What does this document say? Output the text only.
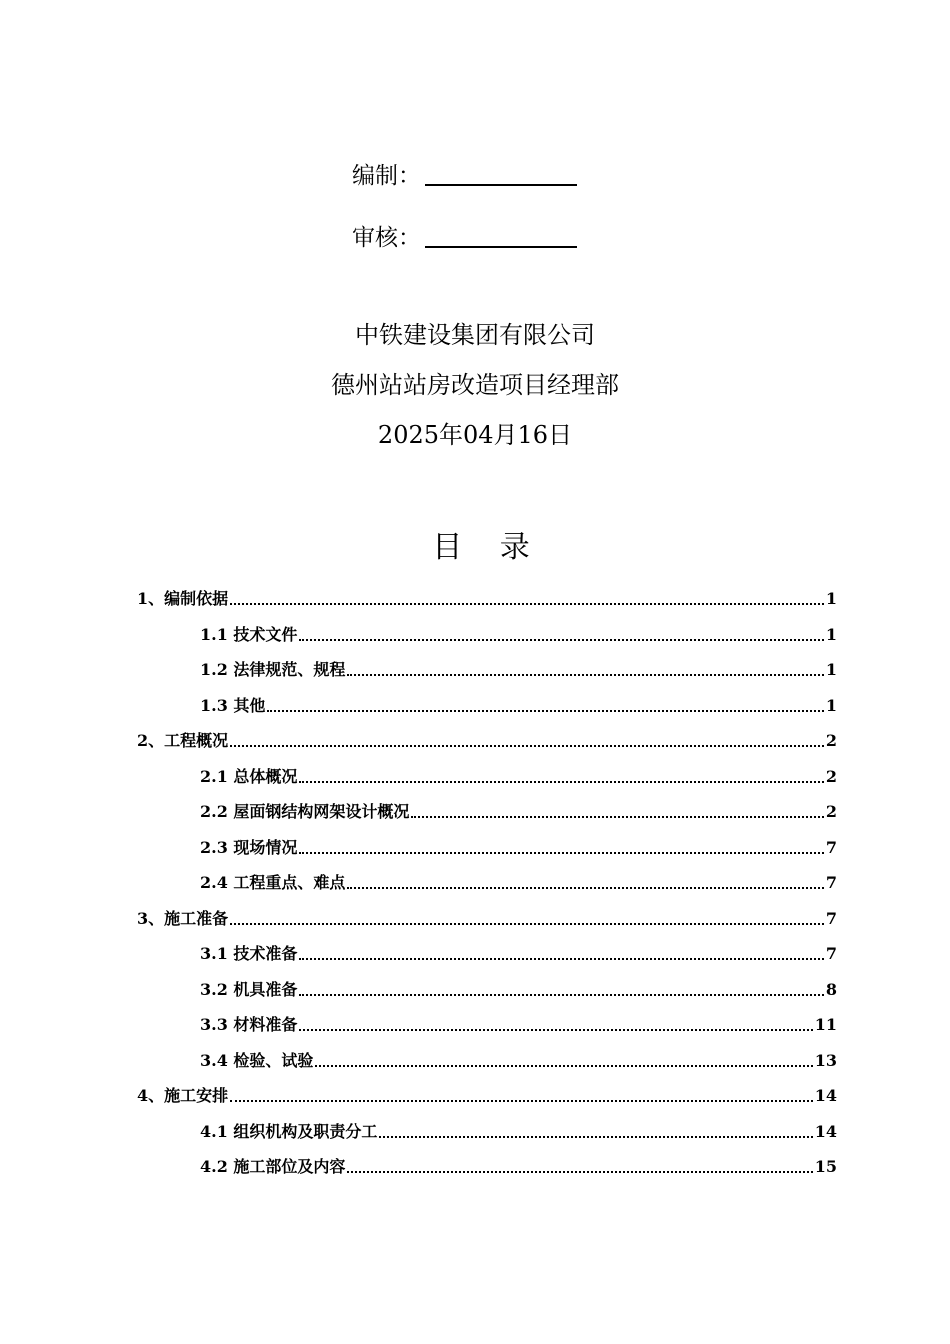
编制：
审核：
中铁建设集团有限公司
德州站站房改造项目经理部
2025年04月16日
目 录
1、编制依据	1
1.1 技术文件	1
1.2 法律规范、规程	1
1.3 其他	1
2、工程概况	2
2.1 总体概况	2
2.2 屋面钢结构网架设计概况	2
2.3 现场情况	7
2.4 工程重点、难点	7
3、施工准备	7
3.1 技术准备	7
3.2 机具准备	8
3.3 材料准备	11
3.4 检验、试验	13
4、施工安排	14
4.1 组织机构及职责分工	14
4.2 施工部位及内容	15
